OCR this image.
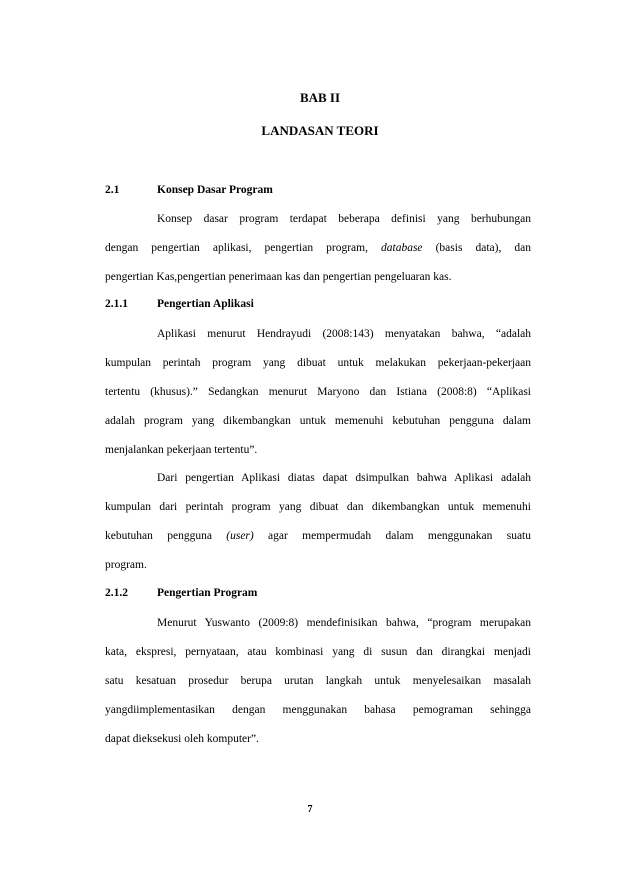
BAB II
LANDASAN TEORI
2.1	Konsep Dasar Program

Konsep dasar program terdapat beberapa definisi yang berhubungan

dengan pengertian aplikasi, pengertian program, database (basis data), dan

pengertian Kas,pengertian penerimaan kas dan pengertian pengeluaran kas.

2.1.1	Pengertian Aplikasi

Aplikasi menurut Hendrayudi (2008:143) menyatakan bahwa, “adalah

kumpulan perintah program yang dibuat untuk melakukan pekerjaan-pekerjaan

tertentu (khusus).” Sedangkan menurut Maryono dan Istiana (2008:8) “Aplikasi

adalah program yang dikembangkan untuk memenuhi kebutuhan pengguna dalam

menjalankan pekerjaan tertentu”.

Dari pengertian Aplikasi diatas dapat dsimpulkan bahwa Aplikasi adalah

kumpulan dari perintah program yang dibuat dan dikembangkan untuk memenuhi

kebutuhan pengguna (user) agar mempermudah dalam menggunakan suatu

program.

2.1.2	Pengertian Program

Menurut Yuswanto (2009:8) mendefinisikan bahwa, “program merupakan

kata, ekspresi, pernyataan, atau kombinasi yang di susun dan dirangkai menjadi

satu kesatuan prosedur berupa urutan langkah untuk menyelesaikan masalah

yangdiimplementasikan dengan menggunakan bahasa pemograman sehingga

dapat dieksekusi oleh komputer”.

7
